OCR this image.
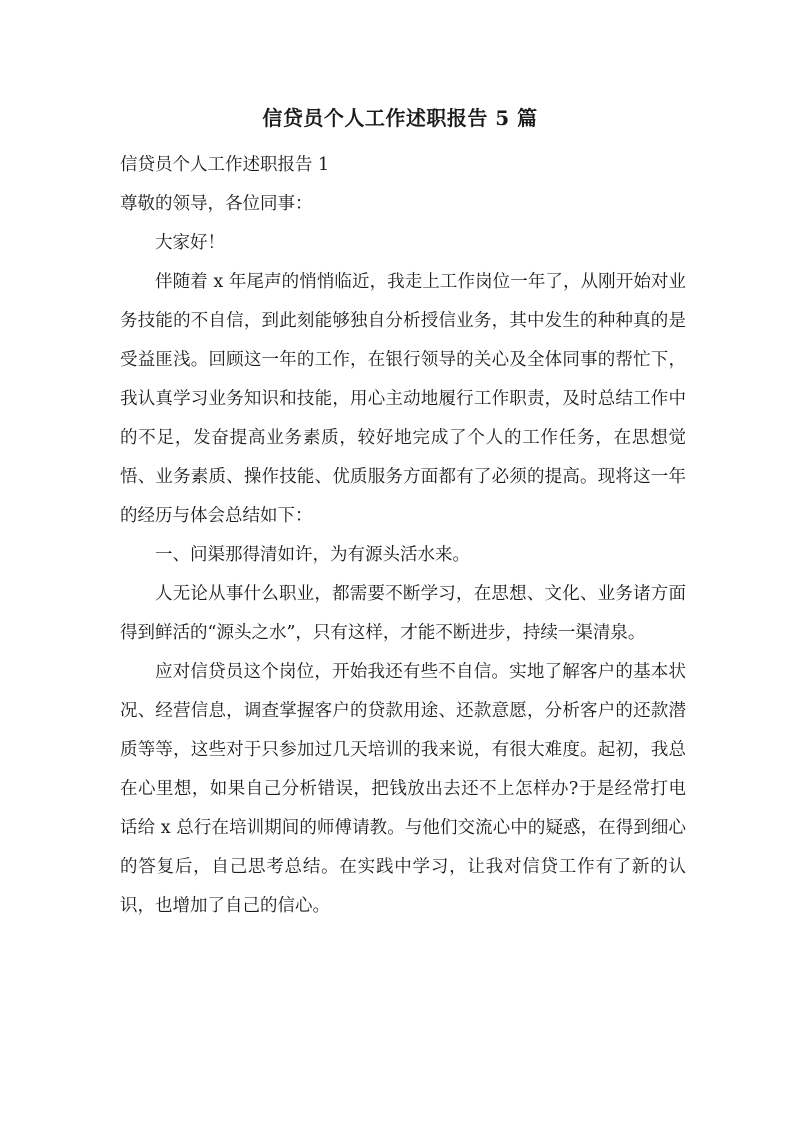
信贷员个人工作述职报告 5 篇

信贷员个人工作述职报告 1

尊敬的领导，各位同事：

大家好！

伴随着 x 年尾声的悄悄临近，我走上工作岗位一年了，从刚开始对业务技能的不自信，到此刻能够独自分析授信业务，其中发生的种种真的是受益匪浅。回顾这一年的工作，在银行领导的关心及全体同事的帮忙下，我认真学习业务知识和技能，用心主动地履行工作职责，及时总结工作中的不足，发奋提高业务素质，较好地完成了个人的工作任务，在思想觉悟、业务素质、操作技能、优质服务方面都有了必须的提高。现将这一年的经历与体会总结如下：

一、问渠那得清如许，为有源头活水来。

人无论从事什么职业，都需要不断学习，在思想、文化、业务诸方面得到鲜活的“源头之水”，只有这样，才能不断进步，持续一渠清泉。

应对信贷员这个岗位，开始我还有些不自信。实地了解客户的基本状况、经营信息，调查掌握客户的贷款用途、还款意愿，分析客户的还款潜质等等，这些对于只参加过几天培训的我来说，有很大难度。起初，我总在心里想，如果自己分析错误，把钱放出去还不上怎样办?于是经常打电话给 x 总行在培训期间的师傅请教。与他们交流心中的疑惑，在得到细心的答复后，自己思考总结。在实践中学习，让我对信贷工作有了新的认识，也增加了自己的信心。
